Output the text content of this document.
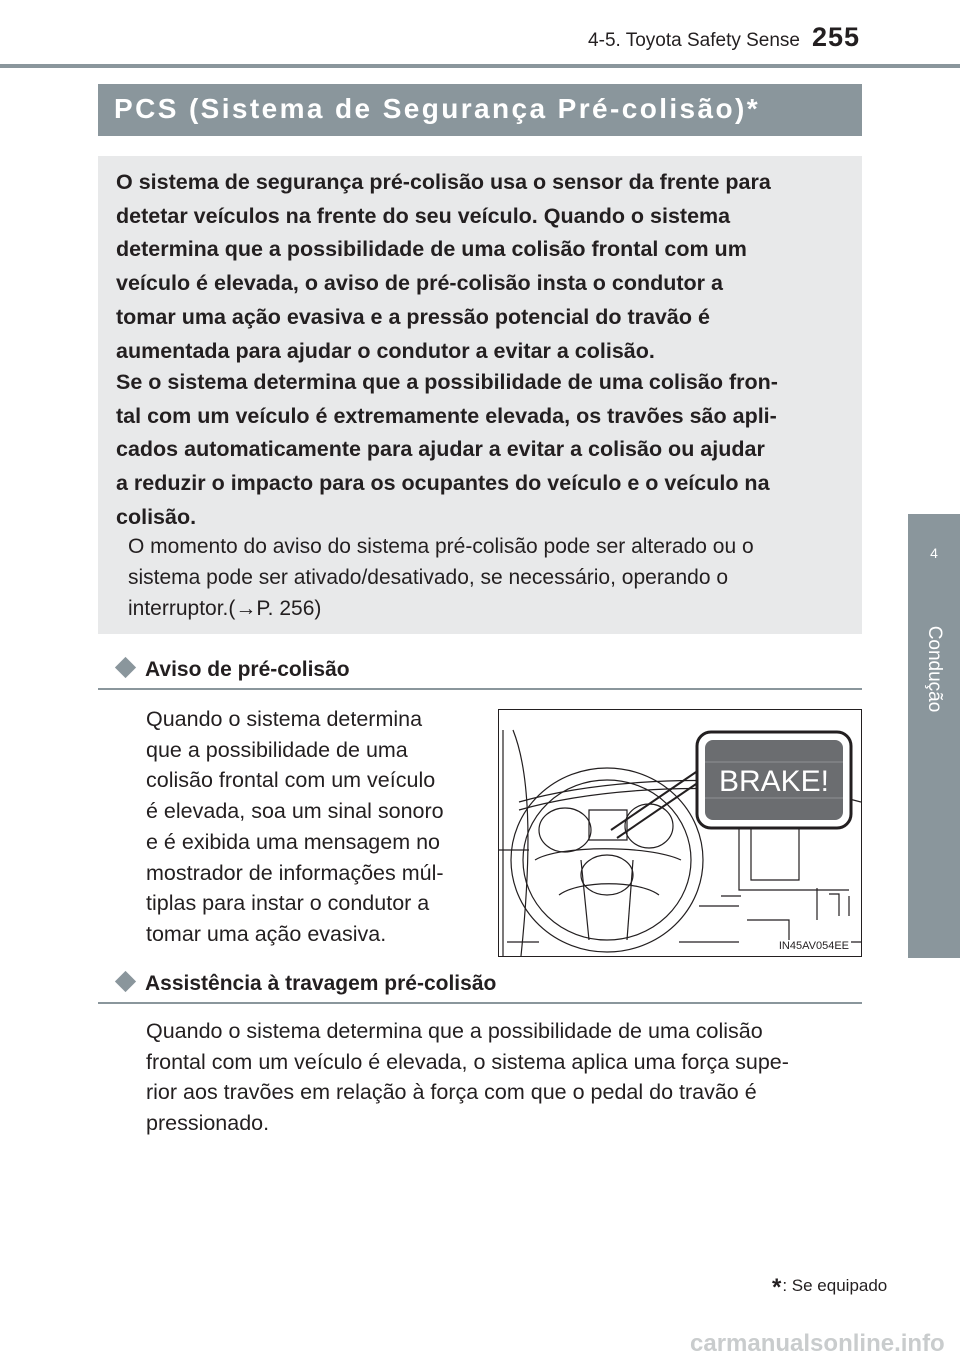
4-5. Toyota Safety Sense 255
4
Condução
PCS (Sistema de Segurança Pré-colisão)*

O sistema de segurança pré-colisão usa o sensor da frente para

detetar veículos na frente do seu veículo. Quando o sistema

determina que a possibilidade de uma colisão frontal com um

veículo é elevada, o aviso de pré-colisão insta o condutor a

tomar uma ação evasiva e a pressão potencial do travão é

aumentada para ajudar o condutor a evitar a colisão.

Se o sistema determina que a possibilidade de uma colisão fron-

tal com um veículo é extremamente elevada, os travões são apli-

cados automaticamente para ajudar a evitar a colisão ou ajudar

a reduzir o impacto para os ocupantes do veículo e o veículo na

colisão.

O momento do aviso do sistema pré-colisão pode ser alterado ou o

sistema pode ser ativado/desativado, se necessário, operando o

interruptor.(→P. 256)

Aviso de pré-colisão
Quando o sistema determina
que a possibilidade de uma
colisão frontal com um veículo
é elevada, soa um sinal sonoro
e é exibida uma mensagem no
mostrador de informações múl-
tiplas para instar o condutor a
tomar uma ação evasiva.
BRAKE!
IN45AV054EE
Assistência à travagem pré-colisão
Quando o sistema determina que a possibilidade de uma colisão
frontal com um veículo é elevada, o sistema aplica uma força supe-
rior aos travões em relação à força com que o pedal do travão é
pressionado.
*: Se equipado
carmanualsonline.info
